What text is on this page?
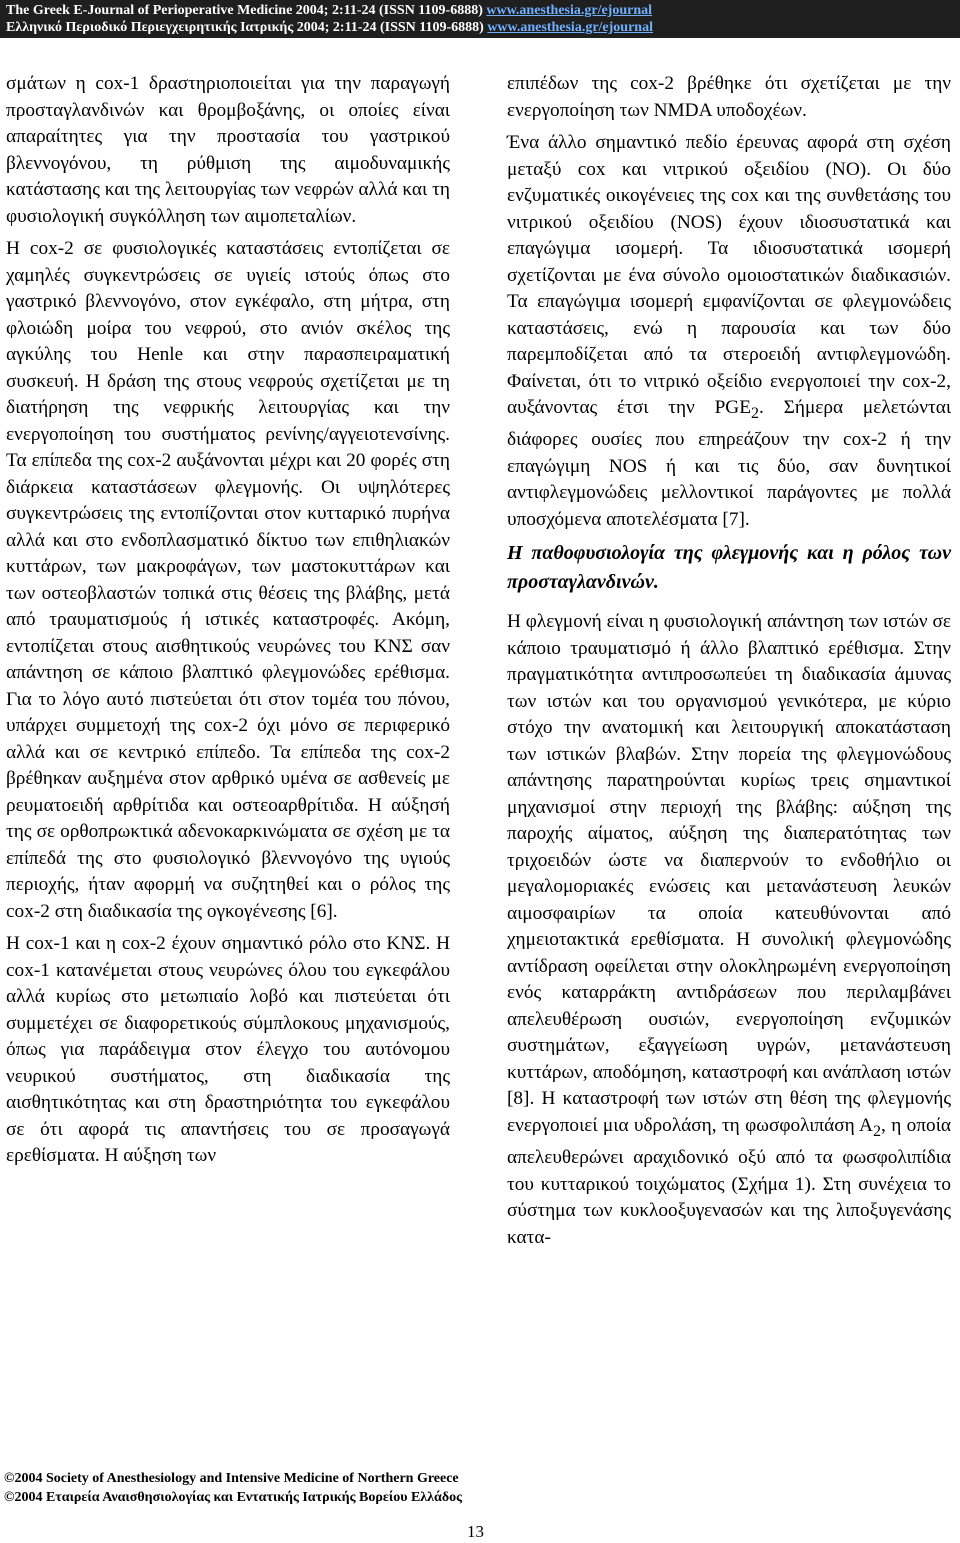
The Greek E-Journal of Perioperative Medicine 2004; 2:11-24 (ISSN 1109-6888) www.anesthesia.gr/ejournal
Ελληνικό Περιοδικό Περιεγχειρητικής Ιατρικής 2004; 2:11-24 (ISSN 1109-6888) www.anesthesia.gr/ejournal

σμάτων η cox-1 δραστηριοποιείται για την παραγωγή προσταγλανδινών και θρομβοξάνης, οι οποίες είναι απαραίτητες για την προστασία του γαστρικού βλεννογόνου, τη ρύθμιση της αιμοδυναμικής κατάστασης και της λειτουργίας των νεφρών αλλά και τη φυσιολογική συγκόλληση των αιμοπεταλίων.

Η cox-2 σε φυσιολογικές καταστάσεις εντοπίζεται σε χαμηλές συγκεντρώσεις σε υγιείς ιστούς όπως στο γαστρικό βλεννογόνο, στον εγκέφαλο, στη μήτρα, στη φλοιώδη μοίρα του νεφρού, στο ανιόν σκέλος της αγκύλης του Henle και στην παρασπειραματική συσκευή. Η δράση της στους νεφρούς σχετίζεται με τη διατήρηση της νεφρικής λειτουργίας και την ενεργοποίηση του συστήματος ρενίνης/αγγειοτενσίνης. Τα επίπεδα της cox-2 αυξάνονται μέχρι και 20 φορές στη διάρκεια καταστάσεων φλεγμονής. Οι υψηλότερες συγκεντρώσεις της εντοπίζονται στον κυτταρικό πυρήνα αλλά και στο ενδοπλασματικό δίκτυο των επιθηλιακών κυττάρων, των μακροφάγων, των μαστοκυττάρων και των οστεοβλαστών τοπικά στις θέσεις της βλάβης, μετά από τραυματισμούς ή ιστικές καταστροφές. Ακόμη, εντοπίζεται στους αισθητικούς νευρώνες του ΚΝΣ σαν απάντηση σε κάποιο βλαπτικό φλεγμονώδες ερέθισμα. Για το λόγο αυτό πιστεύεται ότι στον τομέα του πόνου, υπάρχει συμμετοχή της cox-2 όχι μόνο σε περιφερικό αλλά και σε κεντρικό επίπεδο. Τα επίπεδα της cox-2 βρέθηκαν αυξημένα στον αρθρικό υμένα σε ασθενείς με ρευματοειδή αρθρίτιδα και οστεοαρθρίτιδα. Η αύξησή της σε ορθοπρωκτικά αδενοκαρκινώματα σε σχέση με τα επίπεδά της στο φυσιολογικό βλεννογόνο της υγιούς περιοχής, ήταν αφορμή να συζητηθεί και ο ρόλος της cox-2 στη διαδικασία της ογκογένεσης [6].

Η cox-1 και η cox-2 έχουν σημαντικό ρόλο στο ΚΝΣ. Η cox-1 κατανέμεται στους νευρώνες όλου του εγκεφάλου αλλά κυρίως στο μετωπιαίο λοβό και πιστεύεται ότι συμμετέχει σε διαφορετικούς σύμπλοκους μηχανισμούς, όπως για παράδειγμα στον έλεγχο του αυτόνομου νευρικού συστήματος, στη διαδικασία της αισθητικότητας και στη δραστηριότητα του εγκεφάλου σε ότι αφορά τις απαντήσεις του σε προσαγωγά ερεθίσματα. Η αύξηση των

επιπέδων της cox-2 βρέθηκε ότι σχετίζεται με την ενεργοποίηση των NMDA υποδοχέων.

Ένα άλλο σημαντικό πεδίο έρευνας αφορά στη σχέση μεταξύ cox και νιτρικού οξειδίου (NO). Οι δύο ενζυματικές οικογένειες της cox και της συνθετάσης του νιτρικού οξειδίου (NOS) έχουν ιδιοσυστατικά και επαγώγιμα ισομερή. Τα ιδιοσυστατικά ισομερή σχετίζονται με ένα σύνολο ομοιοστατικών διαδικασιών. Τα επαγώγιμα ισομερή εμφανίζονται σε φλεγμονώδεις καταστάσεις, ενώ η παρουσία και των δύο παρεμποδίζεται από τα στεροειδή αντιφλεγμονώδη. Φαίνεται, ότι το νιτρικό οξείδιο ενεργοποιεί την cox-2, αυξάνοντας έτσι την $PGE_2$. Σήμερα μελετώνται διάφορες ουσίες που επηρεάζουν την cox-2 ή την επαγώγιμη NOS ή και τις δύο, σαν δυνητικοί αντιφλεγμονώδεις μελλοντικοί παράγοντες με πολλά υποσχόμενα αποτελέσματα [7].

Η παθοφυσιολογία της φλεγμονής και η ρόλος των προσταγλανδινών.

Η φλεγμονή είναι η φυσιολογική απάντηση των ιστών σε κάποιο τραυματισμό ή άλλο βλαπτικό ερέθισμα. Στην πραγματικότητα αντιπροσωπεύει τη διαδικασία άμυνας των ιστών και του οργανισμού γενικότερα, με κύριο στόχο την ανατομική και λειτουργική αποκατάσταση των ιστικών βλαβών. Στην πορεία της φλεγμονώδους απάντησης παρατηρούνται κυρίως τρεις σημαντικοί μηχανισμοί στην περιοχή της βλάβης: αύξηση της παροχής αίματος, αύξηση της διαπερατότητας των τριχοειδών ώστε να διαπερνούν το ενδοθήλιο οι μεγαλομοριακές ενώσεις και μετανάστευση λευκών αιμοσφαιρίων τα οποία κατευθύνονται από χημειοτακτικά ερεθίσματα. Η συνολική φλεγμονώδης αντίδραση οφείλεται στην ολοκληρωμένη ενεργοποίηση ενός καταρράκτη αντιδράσεων που περιλαμβάνει απελευθέρωση ουσιών, ενεργοποίηση ενζυμικών συστημάτων, εξαγγείωση υγρών, μετανάστευση κυττάρων, αποδόμηση, καταστροφή και ανάπλαση ιστών [8]. Η καταστροφή των ιστών στη θέση της φλεγμονής ενεργοποιεί μια υδρολάση, τη φωσφολιπάση $A_2$, η οποία απελευθερώνει αραχιδονικό οξύ από τα φωσφολιπίδια του κυτταρικού τοιχώματος (Σχήμα 1). Στη συνέχεια το σύστημα των κυκλοοξυγενασών και της λιποξυγενάσης κατα-

©2004 Society of Anesthesiology and Intensive Medicine of Northern Greece
©2004 Εταιρεία Αναισθησιολογίας και Εντατικής Ιατρικής Βορείου Ελλάδος
13
